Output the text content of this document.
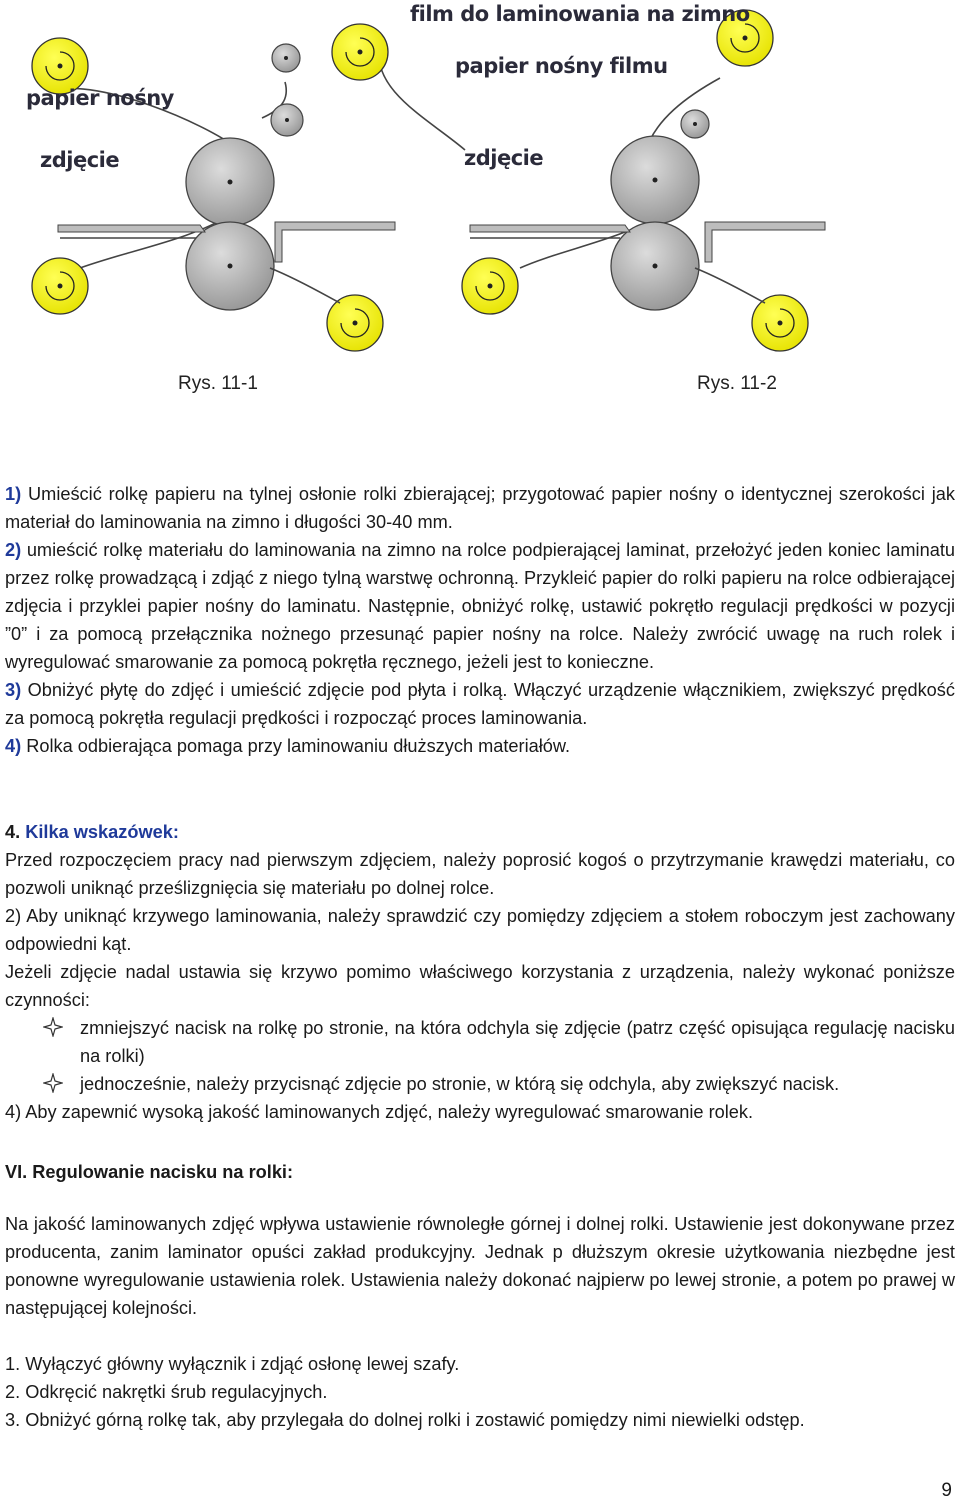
papier nośny
zdjęcie
film do laminowania na zimno
papier nośny filmu
zdjęcie
Rys. 11-1	Rys. 11-2

1) Umieścić rolkę papieru na tylnej osłonie rolki zbierającej; przygotować papier nośny o identycznej szerokości jak materiał do laminowania na zimno i długości 30-40 mm.

2) umieścić rolkę materiału do laminowania na zimno na rolce podpierającej laminat, przełożyć jeden koniec laminatu przez rolkę prowadzącą i zdjąć z niego tylną warstwę ochronną. Przykleić papier do rolki papieru na rolce odbierającej zdjęcia i przyklei papier nośny do laminatu. Następnie, obniżyć rolkę, ustawić pokrętło regulacji prędkości w pozycji ”0” i za pomocą przełącznika nożnego przesunąć papier nośny na rolce. Należy zwrócić uwagę na ruch rolek i wyregulować smarowanie za pomocą pokrętła ręcznego, jeżeli jest to konieczne.

3) Obniżyć płytę do zdjęć i umieścić zdjęcie pod płyta i rolką. Włączyć urządzenie włącznikiem, zwiększyć prędkość za pomocą pokrętła regulacji prędkości i rozpocząć proces laminowania.

4) Rolka odbierająca pomaga przy laminowaniu dłuższych materiałów.

4. Kilka wskazówek:

Przed rozpoczęciem pracy nad pierwszym zdjęciem, należy poprosić kogoś o przytrzymanie krawędzi materiału, co pozwoli uniknąć prześlizgnięcia się materiału po dolnej rolce.

2) Aby uniknąć krzywego laminowania, należy sprawdzić czy pomiędzy zdjęciem a stołem roboczym jest zachowany odpowiedni kąt.

Jeżeli zdjęcie nadal ustawia się krzywo pomimo właściwego korzystania z urządzenia, należy wykonać poniższe czynności:

zmniejszyć nacisk na rolkę po stronie, na która odchyla się zdjęcie (patrz część opisująca regulację nacisku na rolki)

jednocześnie, należy przycisnąć zdjęcie po stronie, w którą się odchyla, aby zwiększyć nacisk.

4) Aby zapewnić wysoką jakość laminowanych zdjęć, należy wyregulować smarowanie rolek.

VI. Regulowanie nacisku na rolki:

Na jakość laminowanych zdjęć wpływa ustawienie równoległe górnej i dolnej rolki. Ustawienie jest dokonywane przez producenta, zanim laminator opuści zakład produkcyjny. Jednak p dłuższym okresie użytkowania niezbędne jest ponowne wyregulowanie ustawienia rolek. Ustawienia należy dokonać najpierw po lewej stronie, a potem po prawej w następującej kolejności.

1. Wyłączyć główny wyłącznik i zdjąć osłonę lewej szafy.

2. Odkręcić nakrętki śrub regulacyjnych.

3. Obniżyć górną rolkę tak, aby przylegała do dolnej rolki i zostawić pomiędzy nimi niewielki odstęp.

9
